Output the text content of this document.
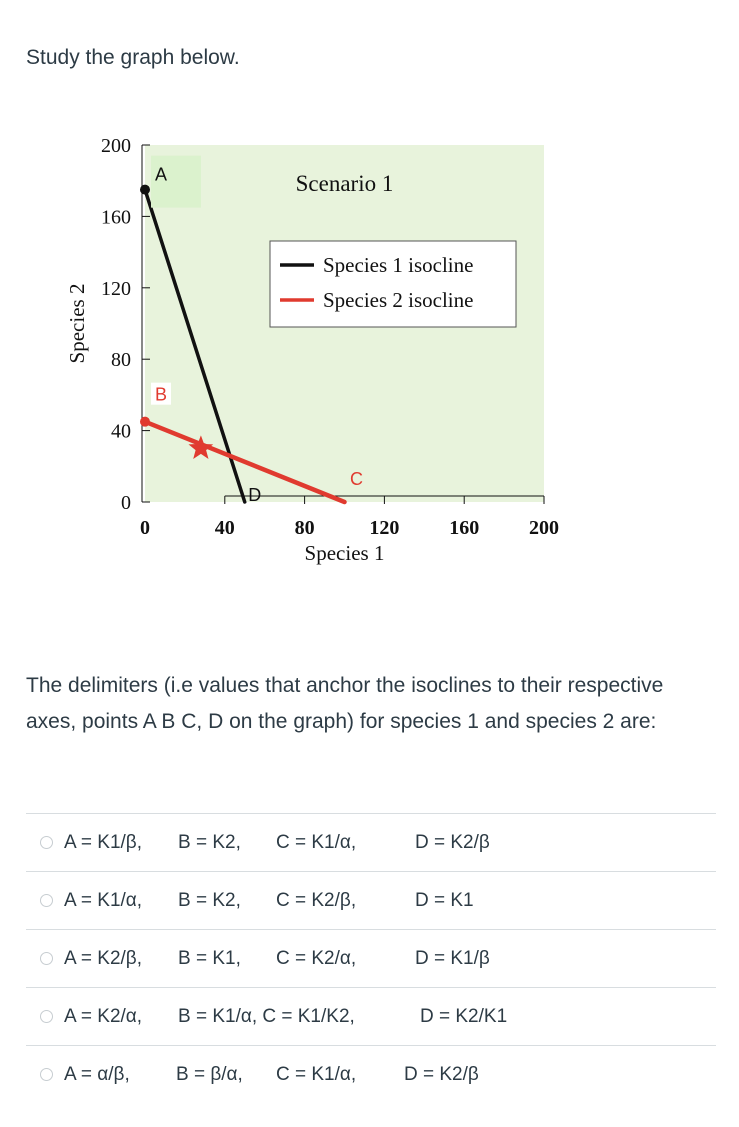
Study the graph below.
0
40
80
120
160
200
0	40	80	120 160 200
Species 1
Species 2
Scenario 1
A
B
C
D
Species 1 isocline
Species 2 isocline

The delimiters (i.e values that anchor the isoclines to their respective axes, points A B C, D on the graph) for species 1 and species 2 are:

A = K1/β, B = K2, C = K1/α,	D = K2/β
A = K1/α, B = K2, C = K2/β,	D = K1
A = K2/β, B = K1, C = K2/α,	D = K1/β
A = K2/α, B = K1/α, C = K1/K2,	D = K2/K1
A = α/β, B = β/α, C = K1/α,	D = K2/β
